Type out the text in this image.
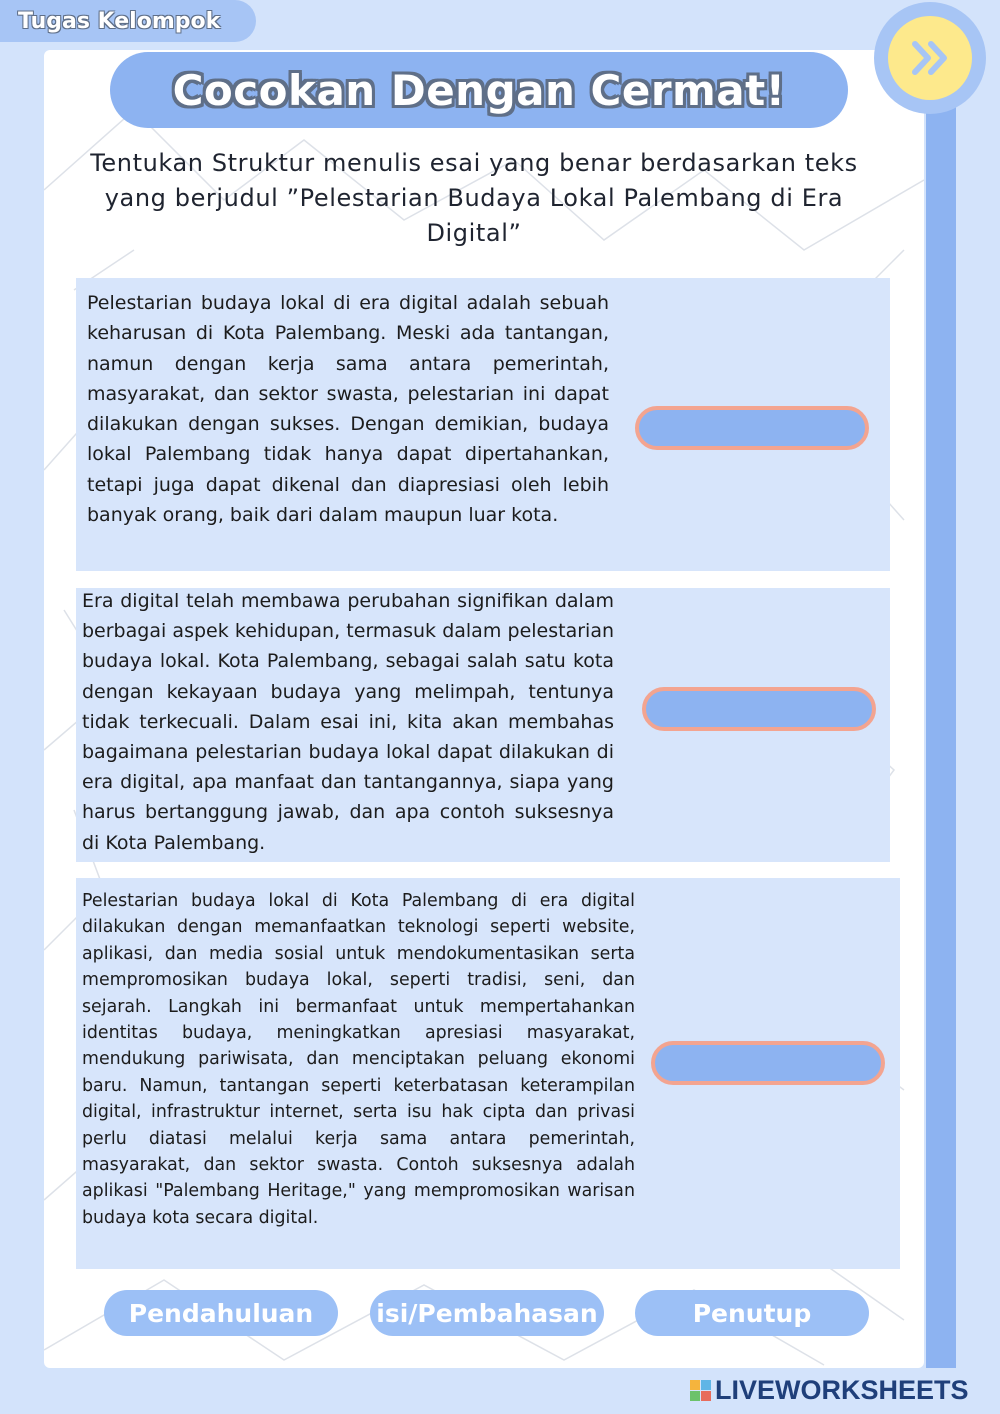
Tugas Kelompok
Cocokan Dengan Cermat!
Tentukan Struktur menulis esai yang benar berdasarkan teks yang berjudul ”Pelestarian Budaya Lokal Palembang di Era Digital”
Pelestarian budaya lokal di era digital adalah sebuah keharusan di Kota Palembang. Meski ada tantangan, namun dengan kerja sama antara pemerintah, masyarakat, dan sektor swasta, pelestarian ini dapat dilakukan dengan sukses. Dengan demikian, budaya lokal Palembang tidak hanya dapat dipertahankan, tetapi juga dapat dikenal dan diapresiasi oleh lebih banyak orang, baik dari dalam maupun luar kota.
Era digital telah membawa perubahan signifikan dalam berbagai aspek kehidupan, termasuk dalam pelestarian budaya lokal. Kota Palembang, sebagai salah satu kota dengan kekayaan budaya yang melimpah, tentunya tidak terkecuali. Dalam esai ini, kita akan membahas bagaimana pelestarian budaya lokal dapat dilakukan di era digital, apa manfaat dan tantangannya, siapa yang harus bertanggung jawab, dan apa contoh suksesnya di Kota Palembang.
Pelestarian budaya lokal di Kota Palembang di era digital dilakukan dengan memanfaatkan teknologi seperti website, aplikasi, dan media sosial untuk mendokumentasikan serta mempromosikan budaya lokal, seperti tradisi, seni, dan sejarah. Langkah ini bermanfaat untuk mempertahankan identitas budaya, meningkatkan apresiasi masyarakat, mendukung pariwisata, dan menciptakan peluang ekonomi baru. Namun, tantangan seperti keterbatasan keterampilan digital, infrastruktur internet, serta isu hak cipta dan privasi perlu diatasi melalui kerja sama antara pemerintah, masyarakat, dan sektor swasta. Contoh suksesnya adalah aplikasi "Palembang Heritage," yang mempromosikan warisan budaya kota secara digital.
Pendahuluan	isi/Pembahasan	Penutup
LIVEWORKSHEETS
